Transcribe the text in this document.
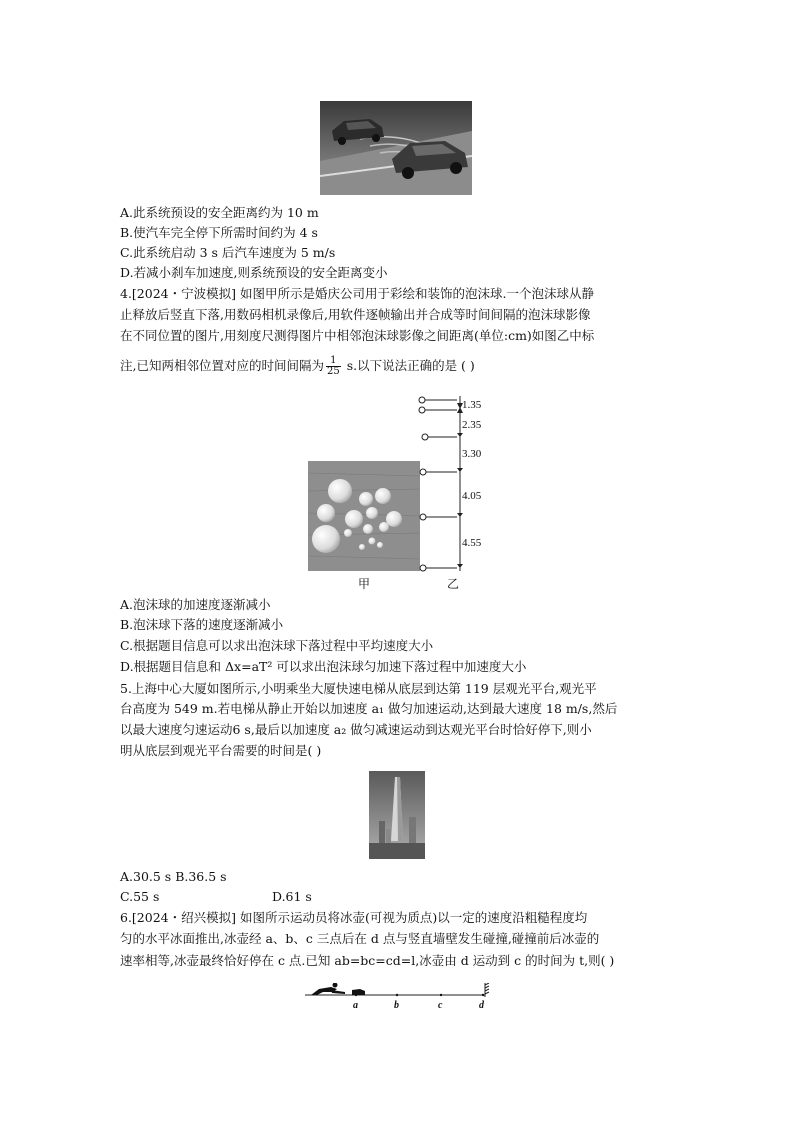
A.此系统预设的安全距离约为 10 m
B.使汽车完全停下所需时间约为 4 s
C.此系统启动 3 s 后汽车速度为 5 m/s
D.若减小刹车加速度,则系统预设的安全距离变小
4.[2024・宁波模拟] 如图甲所示是婚庆公司用于彩绘和装饰的泡沫球.一个泡沫球从静
止释放后竖直下落,用数码相机录像后,用软件逐帧输出并合成等时间间隔的泡沫球影像
在不同位置的图片,用刻度尺测得图片中相邻泡沫球影像之间距离(单位:cm)如图乙中标
注,已知两相邻位置对应的时间间隔为 $\frac{1}{25} s$.以下说法正确的是 ( )
1.35
2.35
3.30
4.05
4.55
甲	乙
A.泡沫球的加速度逐渐减小
B.泡沫球下落的速度逐渐减小
C.根据题目信息可以求出泡沫球下落过程中平均速度大小
D.根据题目信息和 Δx=aT² 可以求出泡沫球匀加速下落过程中加速度大小
5.上海中心大厦如图所示,小明乘坐大厦快速电梯从底层到达第 119 层观光平台,观光平
台高度为 549 m.若电梯从静止开始以加速度 a₁ 做匀加速运动,达到最大速度 18 m/s,然后
以最大速度匀速运动6 s,最后以加速度 a₂ 做匀减速运动到达观光平台时恰好停下,则小
明从底层到观光平台需要的时间是( )
A.30.5 s B.36.5 s
C.55 s	D.61 s
6.[2024・绍兴模拟] 如图所示运动员将冰壶(可视为质点)以一定的速度沿粗糙程度均
匀的水平冰面推出,冰壶经 a、b、c 三点后在 d 点与竖直墙壁发生碰撞,碰撞前后冰壶的
速率相等,冰壶最终恰好停在 c 点.已知 ab=bc=cd=l,冰壶由 d 运动到 c 的时间为 t,则( )
a	b	c	d
